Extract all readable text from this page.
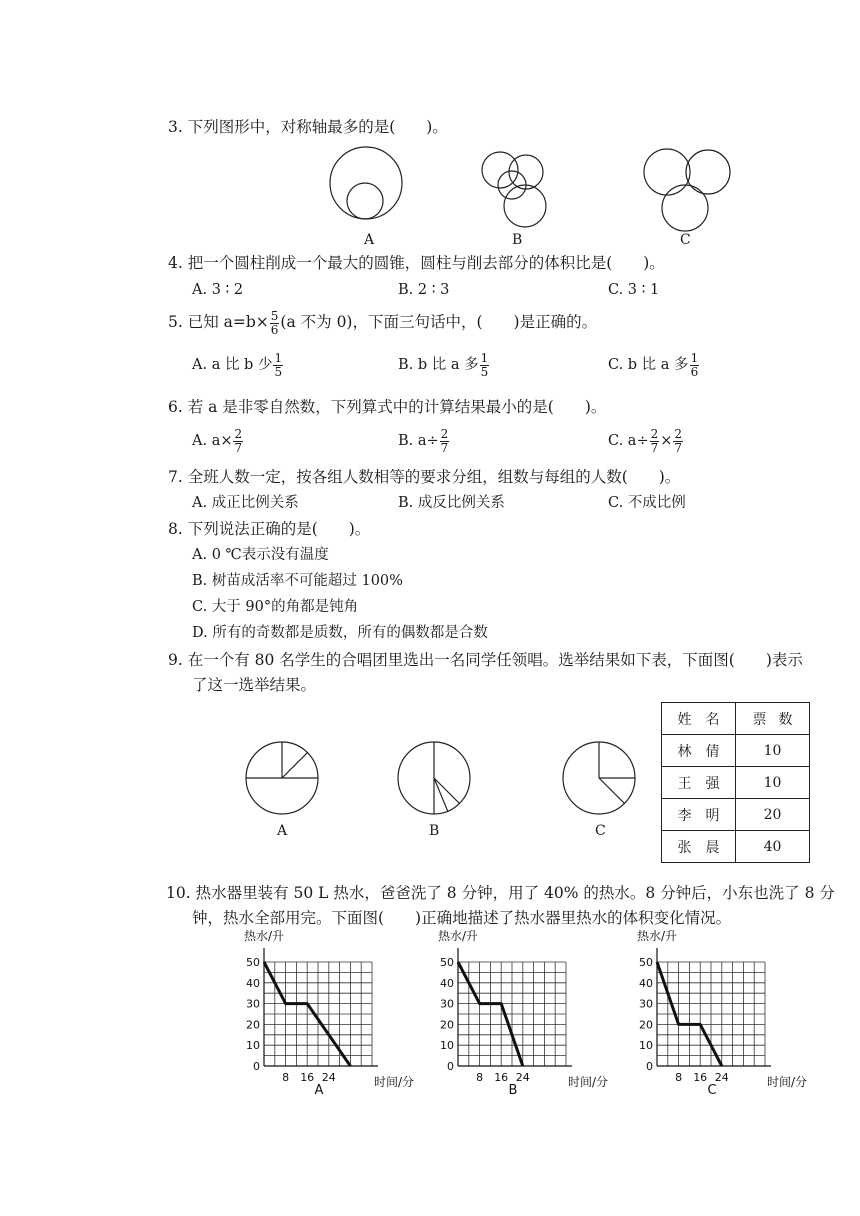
3. 下列图形中，对称轴最多的是(　　)。
A	B	C
4. 把一个圆柱削成一个最大的圆锥，圆柱与削去部分的体积比是(　　)。
A. 3 ∶ 2	B. 2 ∶ 3	C. 3 ∶ 1
5. 已知 $a=b\times \frac{5}{6} (a$ 不为 0)，下面三句话中，(　　)是正确的。
A. a 比 b 少 $\frac{1}{5}$	B. b 比 a 多 $\frac{1}{5}$	C. b 比 a 多 $\frac{1}{6}$
6. 若 a 是非零自然数，下列算式中的计算结果最小的是(　　)。
A. $a\times \frac{2}{7}$	B. $a\div \frac{2}{7}$	C. $a\div \frac{2}{7} \times \frac{2}{7}$
7. 全班人数一定，按各组人数相等的要求分组，组数与每组的人数(　　)。
A. 成正比例关系	B. 成反比例关系	C. 不成比例
8. 下列说法正确的是(　　)。
A. 0 ℃表示没有温度
B. 树苗成活率不可能超过 100%
C. 大于 90°的角都是钝角
D. 所有的奇数都是质数，所有的偶数都是合数
9. 在一个有 80 名学生的合唱团里选出一名同学任领唱。选举结果如下表，下面图(　　)表示
了这一选举结果。
A	B	C
姓名	票数
林倩	10
王强	10
李明	20
张晨	40
10. 热水器里装有 50 L 热水，爸爸洗了 8 分钟，用了 40% 的热水。8 分钟后，小东也洗了 8 分
钟，热水全部用完。下面图(　　)正确地描述了热水器里热水的体积变化情况。
0
10
20
30
40
50
8 16 24
热水/升
时间/分
A
0
10
20
30
40
50
8 16 24
热水/升
时间/分
B
0
10
20
30
40
50
8 16 24
热水/升
时间/分
C
